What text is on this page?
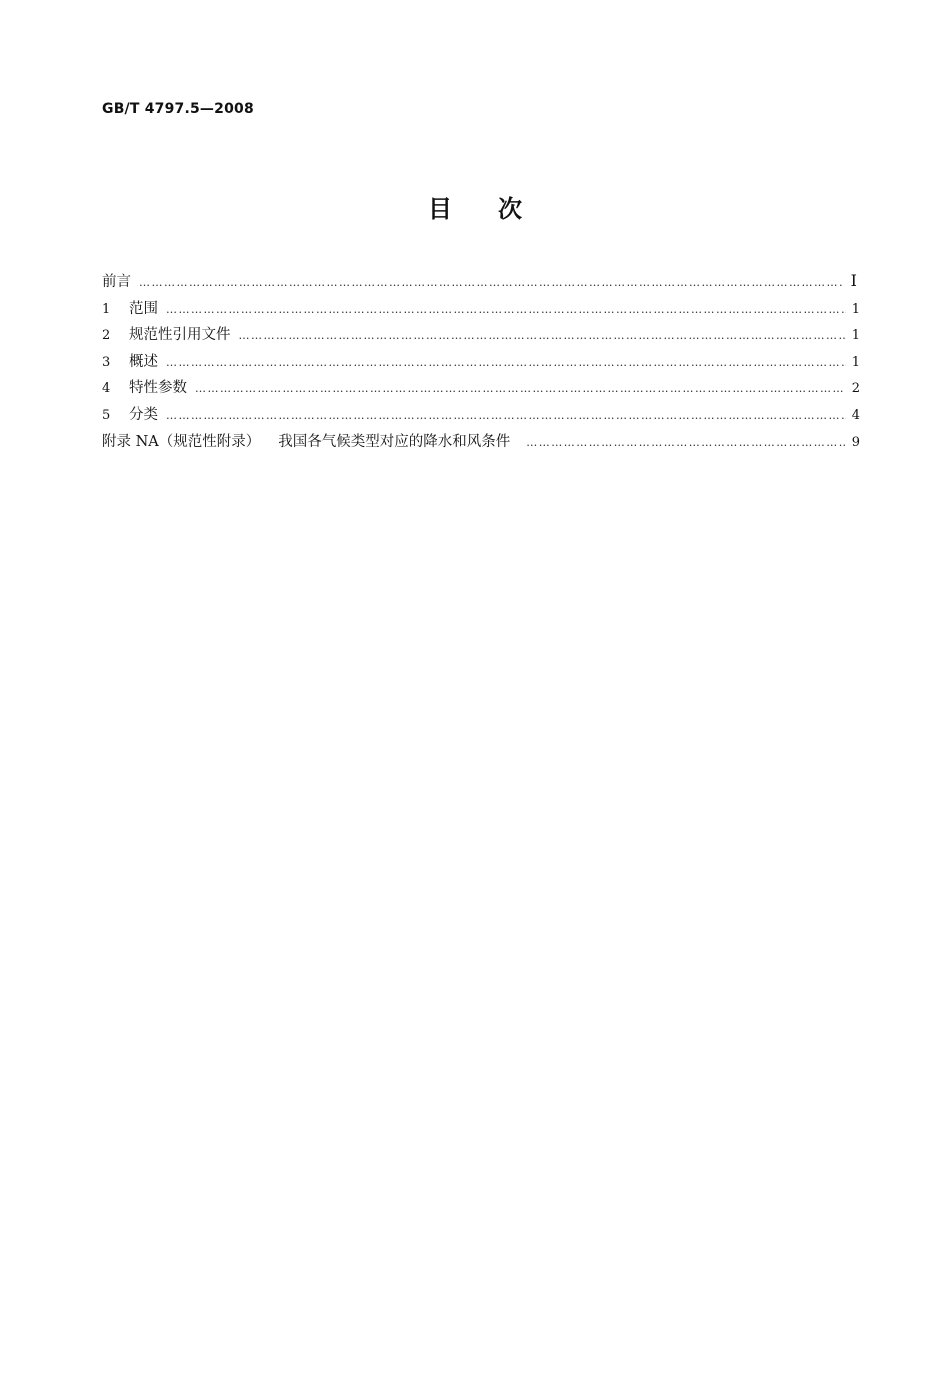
GB/T 4797.5—2008
目次
前言 ……………………………………………………………………………………………………………………………………………………………………………………………………………………………………………………………………………	I
1	范围 ……………………………………………………………………………………………………………………………………………………………………………………………………………………………………………………………………………	1
2	规范性引用文件 ……………………………………………………………………………………………………………………………………………………………………………………………………………………………………………………………………………	1
3	概述 ……………………………………………………………………………………………………………………………………………………………………………………………………………………………………………………………………………	1
4	特性参数 ……………………………………………………………………………………………………………………………………………………………………………………………………………………………………………………………………………	2
5	分类 ……………………………………………………………………………………………………………………………………………………………………………………………………………………………………………………………………………	4
附录 NA（规范性附录） 我国各气候类型对应的降水和风条件 ……………………………………………………………………………………………………………………………………………………………………………………………………………………………………………………………………………	9
